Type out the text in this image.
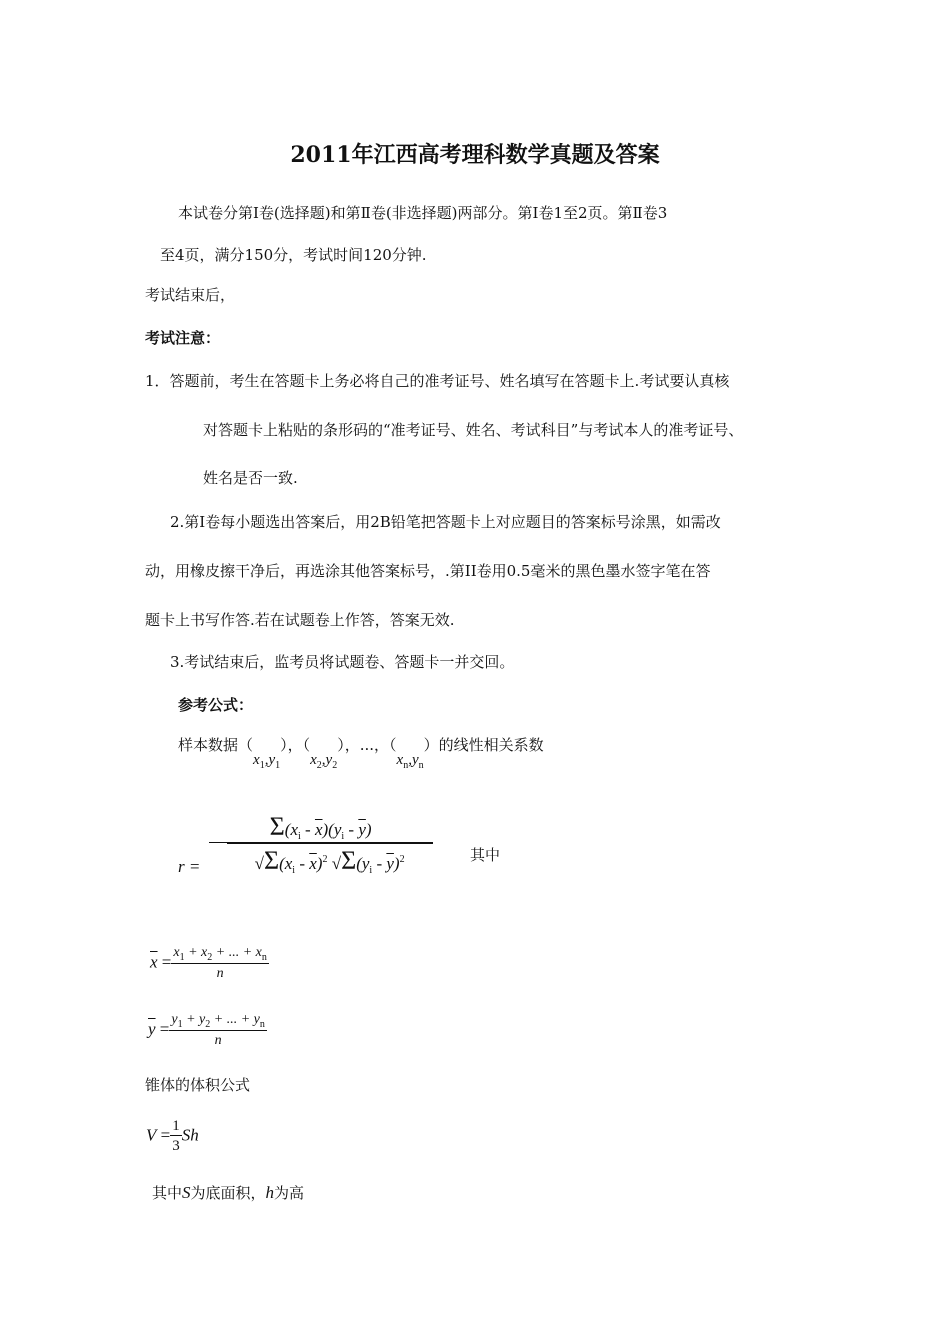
2011年江西高考理科数学真题及答案
本试卷分第Ⅰ卷(选择题)和第Ⅱ卷(非选择题)两部分。第Ⅰ卷1至2页。第Ⅱ卷3
至4页，满分150分，考试时间120分钟.
考试结束后，
考试注意：
1．答题前，考生在答题卡上务必将自己的准考证号、姓名填写在答题卡上.考试要认真核
对答题卡上粘贴的条形码的“准考证号、姓名、考试科目”与考试本人的准考证号、
姓名是否一致.
2.第Ⅰ卷每小题选出答案后，用2B铅笔把答题卡上对应题目的答案标号涂黑，如需改
动，用橡皮擦干净后，再选涂其他答案标号，.第II卷用0.5毫米的黑色墨水签字笔在答
题卡上书写作答.若在试题卷上作答，答案无效.
3.考试结束后，监考员将试题卷、答题卡一并交回。
参考公式：
样本数据$(x_1,y_1)$，$(x_2,y_2)$，...，$(x_n,y_n)$的线性相关系数
$r = \frac{\Sigma(x_i - \overline{x})(y_i - \overline{y})}{√\Sigma(x_i - \overline{x})^2 √\Sigma(y_i - \overline{y})^2}$ 其中
$\overline{x} = \frac{x_1 + x_2 + ... + x_n}{n}$
$\overline{y} = \frac{y_1 + y_2 + ... + y_n}{n}$
锥体的体积公式
$V = \frac{1}{3}$ Sh
其中S为底面积，h为高
